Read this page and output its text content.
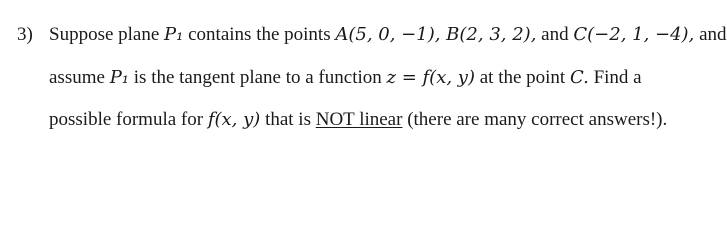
3) Suppose plane P₁ contains the points A(5, 0, −1), B(2, 3, 2), and C(−2, 1, −4), and
assume P₁ is the tangent plane to a function z = f(x, y) at the point C. Find a
possible formula for f(x, y) that is NOT linear (there are many correct answers!).
